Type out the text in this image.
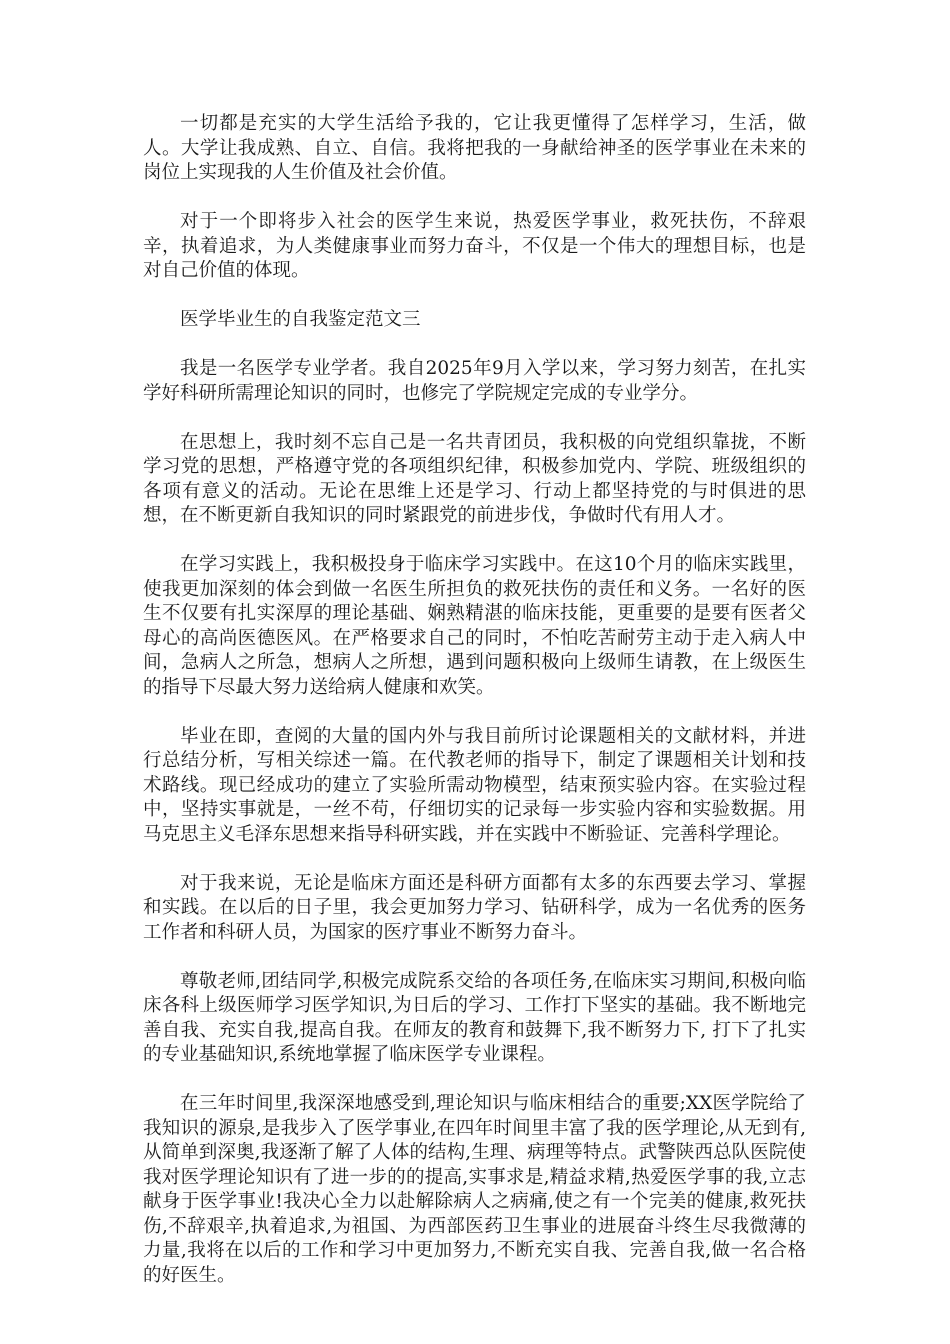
一切都是充实的大学生活给予我的，它让我更懂得了怎样学习，生活，做人。大学让我成熟、自立、自信。我将把我的一身献给神圣的医学事业在未来的岗位上实现我的人生价值及社会价值。

对于一个即将步入社会的医学生来说，热爱医学事业，救死扶伤，不辞艰辛，执着追求，为人类健康事业而努力奋斗，不仅是一个伟大的理想目标，也是对自己价值的体现。

医学毕业生的自我鉴定范文三

我是一名医学专业学者。我自2025年9月入学以来，学习努力刻苦，在扎实学好科研所需理论知识的同时，也修完了学院规定完成的专业学分。

在思想上，我时刻不忘自己是一名共青团员，我积极的向党组织靠拢，不断学习党的思想，严格遵守党的各项组织纪律，积极参加党内、学院、班级组织的各项有意义的活动。无论在思维上还是学习、行动上都坚持党的与时俱进的思想，在不断更新自我知识的同时紧跟党的前进步伐，争做时代有用人才。

在学习实践上，我积极投身于临床学习实践中。在这10个月的临床实践里，使我更加深刻的体会到做一名医生所担负的救死扶伤的责任和义务。一名好的医生不仅要有扎实深厚的理论基础、娴熟精湛的临床技能，更重要的是要有医者父母心的高尚医德医风。在严格要求自己的同时，不怕吃苦耐劳主动于走入病人中间，急病人之所急，想病人之所想，遇到问题积极向上级师生请教，在上级医生的指导下尽最大努力送给病人健康和欢笑。

毕业在即，查阅的大量的国内外与我目前所讨论课题相关的文献材料，并进行总结分析，写相关综述一篇。在代教老师的指导下，制定了课题相关计划和技术路线。现已经成功的建立了实验所需动物模型，结束预实验内容。在实验过程中，坚持实事就是，一丝不苟，仔细切实的记录每一步实验内容和实验数据。用马克思主义毛泽东思想来指导科研实践，并在实践中不断验证、完善科学理论。

对于我来说，无论是临床方面还是科研方面都有太多的东西要去学习、掌握和实践。在以后的日子里，我会更加努力学习、钻研科学，成为一名优秀的医务工作者和科研人员，为国家的医疗事业不断努力奋斗。

尊敬老师,团结同学,积极完成院系交给的各项任务,在临床实习期间,积极向临床各科上级医师学习医学知识,为日后的学习、工作打下坚实的基础。我不断地完善自我、充实自我,提高自我。在师友的教育和鼓舞下,我不断努力下, 打下了扎实的专业基础知识,系统地掌握了临床医学专业课程。

在三年时间里,我深深地感受到,理论知识与临床相结合的重要;XX医学院给了我知识的源泉,是我步入了医学事业,在四年时间里丰富了我的医学理论,从无到有,从简单到深奥,我逐渐了解了人体的结构,生理、病理等特点。武警陕西总队医院使我对医学理论知识有了进一步的的提高,实事求是,精益求精,热爱医学事的我,立志献身于医学事业!我决心全力以赴解除病人之病痛,使之有一个完美的健康,救死扶伤,不辞艰辛,执着追求,为祖国、为西部医药卫生事业的进展奋斗终生尽我微薄的力量,我将在以后的工作和学习中更加努力,不断充实自我、完善自我,做一名合格的好医生。
